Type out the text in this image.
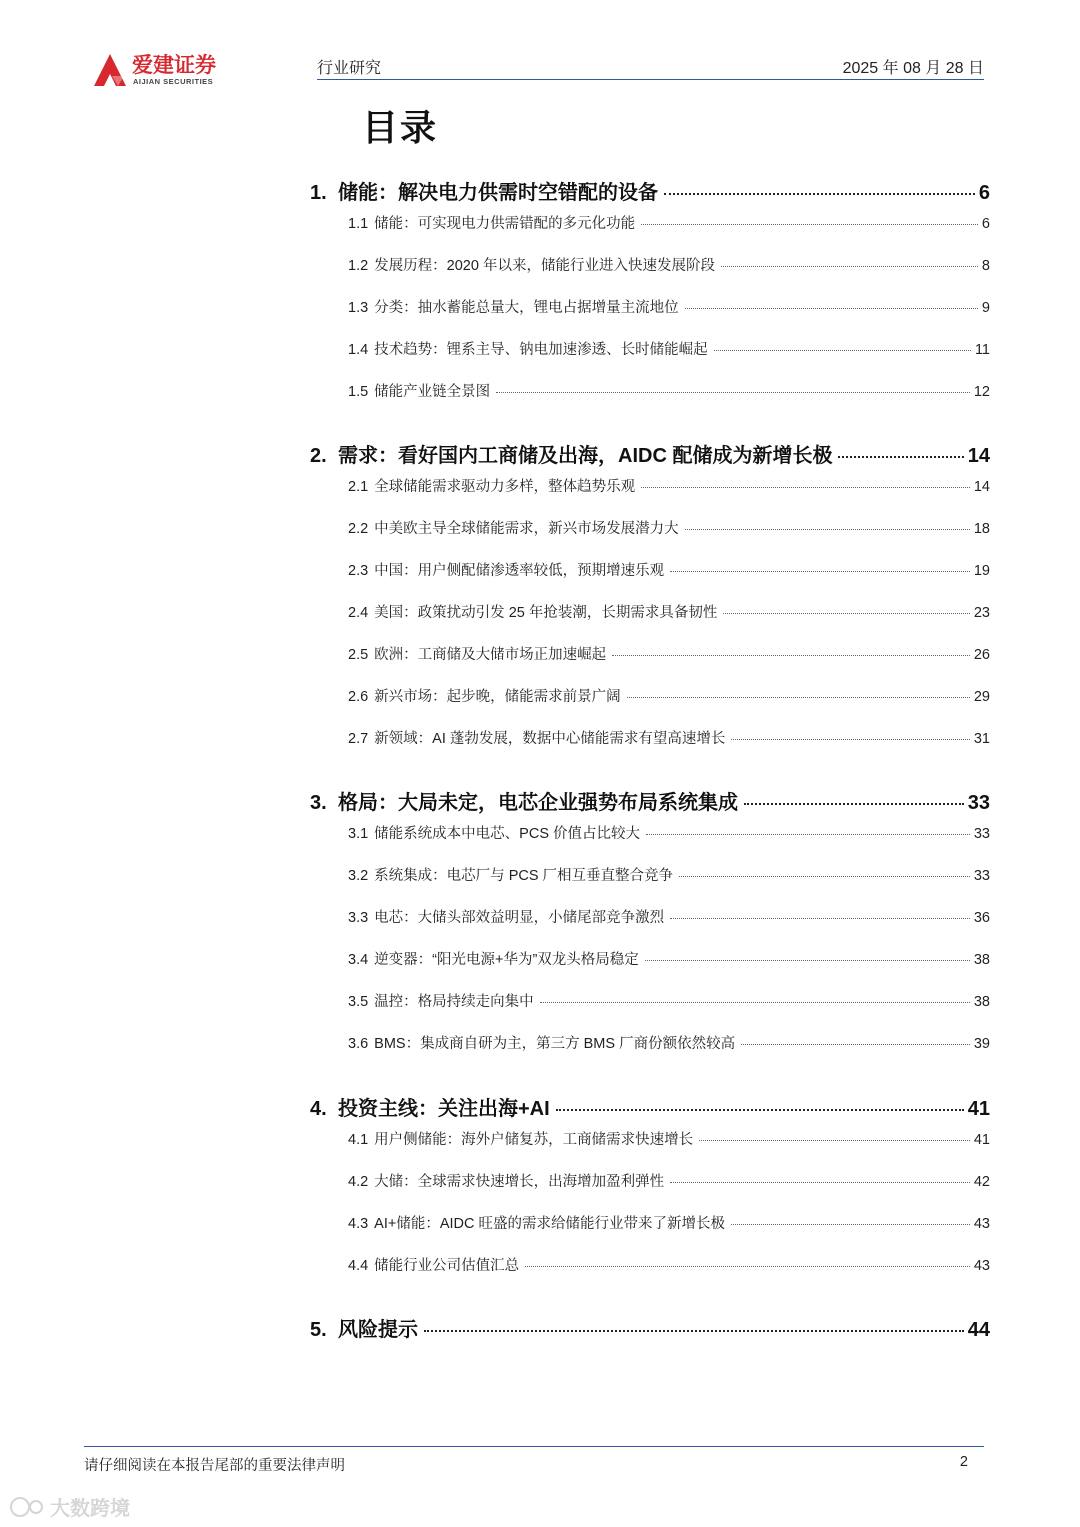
爱建证券
AIJIAN SECURITIES
行业研究	2025 年 08 月 28 日
目录
1. 储能：解决电力供需时空错配的设备	6
1.1 储能：可实现电力供需错配的多元化功能	6
1.2 发展历程：2020 年以来，储能行业进入快速发展阶段	8
1.3 分类：抽水蓄能总量大，锂电占据增量主流地位	9
1.4 技术趋势：锂系主导、钠电加速渗透、长时储能崛起	11
1.5 储能产业链全景图	12
2. 需求：看好国内工商储及出海，AIDC 配储成为新增长极	14
2.1 全球储能需求驱动力多样，整体趋势乐观	14
2.2 中美欧主导全球储能需求，新兴市场发展潜力大	18
2.3 中国：用户侧配储渗透率较低，预期增速乐观	19
2.4 美国：政策扰动引发 25 年抢装潮，长期需求具备韧性	23
2.5 欧洲：工商储及大储市场正加速崛起	26
2.6 新兴市场：起步晚，储能需求前景广阔	29
2.7 新领域：AI 蓬勃发展，数据中心储能需求有望高速增长	31
3. 格局：大局未定，电芯企业强势布局系统集成	33
3.1 储能系统成本中电芯、PCS 价值占比较大	33
3.2 系统集成：电芯厂与 PCS 厂相互垂直整合竞争	33
3.3 电芯：大储头部效益明显，小储尾部竞争激烈	36
3.4 逆变器：“阳光电源+华为”双龙头格局稳定	38
3.5 温控：格局持续走向集中	38
3.6 BMS：集成商自研为主，第三方 BMS 厂商份额依然较高	39
4. 投资主线：关注出海+AI	41
4.1 用户侧储能：海外户储复苏，工商储需求快速增长	41
4.2 大储：全球需求快速增长，出海增加盈利弹性	42
4.3 AI+储能：AIDC 旺盛的需求给储能行业带来了新增长极	43
4.4 储能行业公司估值汇总	43
5. 风险提示	44
请仔细阅读在本报告尾部的重要法律声明	2
大数跨境
